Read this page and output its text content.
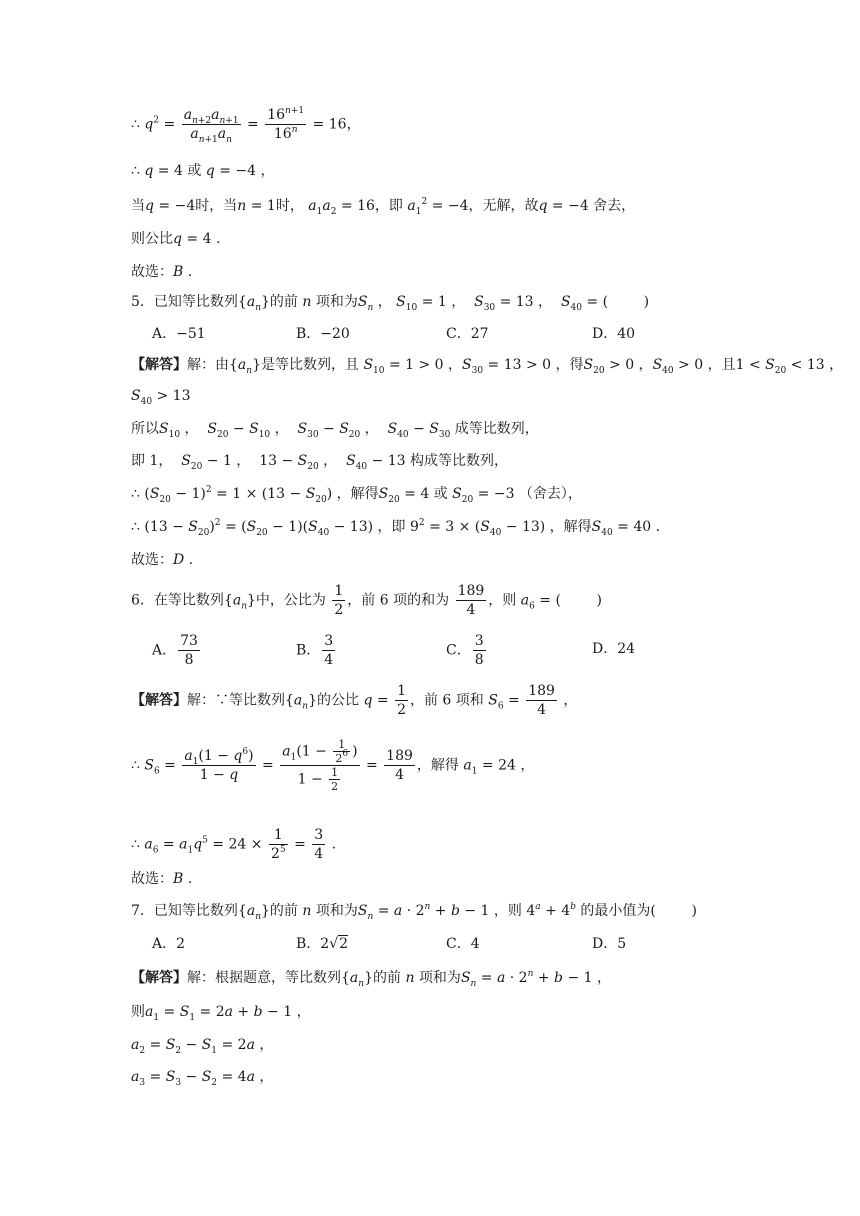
∴ $q^2 = \frac{a_{n+2}a_{n+1}}{a_{n+1}a_n} = \frac{16^{n+1}}{16^n} = 16$，
∴ q = 4 或 q = −4 ，
当q = −4时，当n = 1时， $a_1a_2 = 16$，即 $a_1^2 = -4$，无解，故q = −4 舍去，
则公比q = 4 .
故选：B .
5．已知等比数列$\{a_n\}$的前 n 项和为$S_n$ ， $S_{10} = 1$ ，  $S_{30} = 13$ ，  $S_{40}$ = (        )
A．−51	B．−20	C．27	D．40
【解答】解：由$\{a_n\}$是等比数列，且 $S_{10} = 1 > 0$ ，$S_{30} = 13 > 0$ ，得$S_{20} > 0$ ，$S_{40} > 0$ ，且$1 < S_{20} < 13$ ，
$S_{40} > 13$
所以$S_{10}$ ，  $S_{20} - S_{10}$ ，  $S_{30} - S_{20}$ ，  $S_{40} - S_{30}$ 成等比数列，
即 1， $S_{20} - 1$ ，  $13 - S_{20}$ ，  $S_{40} - 13$ 构成等比数列，
∴ $(S_{20} - 1)^2 = 1 \times (13 - S_{20})$ ，解得$S_{20} = 4$ 或 $S_{20} = -3$ （舍去），
∴ $(13 - S_{20})^2 = (S_{20} - 1)(S_{40} - 13)$ ，即 $9^2 = 3 \times (S_{40} - 13)$ ，解得$S_{40} = 40$ .
故选：D .
6．在等比数列$\{a_n\}$中，公比为 $\frac{1}{2}$ ，前 6 项的和为 $\frac{189}{4}$ ，则 $a_6$ = (        )
A． $\frac{73}{8}$	B． $\frac{3}{4}$	C． $\frac{3}{8}$	D．24
【解答】解：∵等比数列$\{a_n\}$的公比 $q = \frac{1}{2}$ ，前 6 项和 $S_6 = \frac{189}{4}$ ，
∴ $S_6 = \frac{a_1(1 - q^6)}{1 - q} = \frac{a_1(1 - \frac{1}{2^6} )}{1 - \frac{1}{2}} = \frac{189}{4}$ ，解得 $a_1 = 24$ ，
∴ $a_6 = a_1q^5 = 24 \times \frac{1}{2^5} = \frac{3}{4}$ .
故选：B .
7．已知等比数列$\{a_n\}$的前 n 项和为$S_n = a \cdot 2^n + b - 1$ ，则 $4^a + 4^b$ 的最小值为(        )
A．2	B．2√2	C．4	D．5
【解答】解：根据题意，等比数列$\{a_n\}$的前 n 项和为$S_n = a \cdot 2^n + b - 1$ ，
则$a_1 = S_1 = 2a + b - 1$ ，
$a_2 = S_2 - S_1 = 2a$ ，
$a_3 = S_3 - S_2 = 4a$ ，
